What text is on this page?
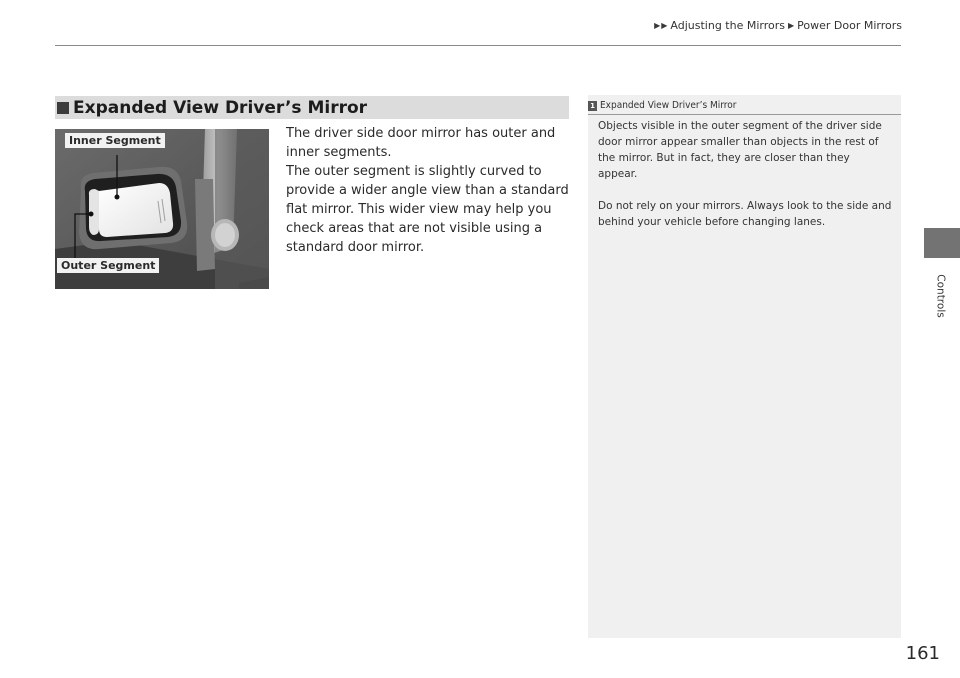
▶ ▶ Adjusting the Mirrors ▶ Power Door Mirrors
Controls
Expanded View Driver’s Mirror
Inner Segment
Outer Segment

The driver side door mirror has outer and inner segments.

The outer segment is slightly curved to provide a wider angle view than a standard flat mirror. This wider view may help you check areas that are not visible using a standard door mirror.

1 Expanded View Driver’s Mirror

Objects visible in the outer segment of the driver side door mirror appear smaller than objects in the rest of the mirror. But in fact, they are closer than they appear.

Do not rely on your mirrors. Always look to the side and behind your vehicle before changing lanes.

161
